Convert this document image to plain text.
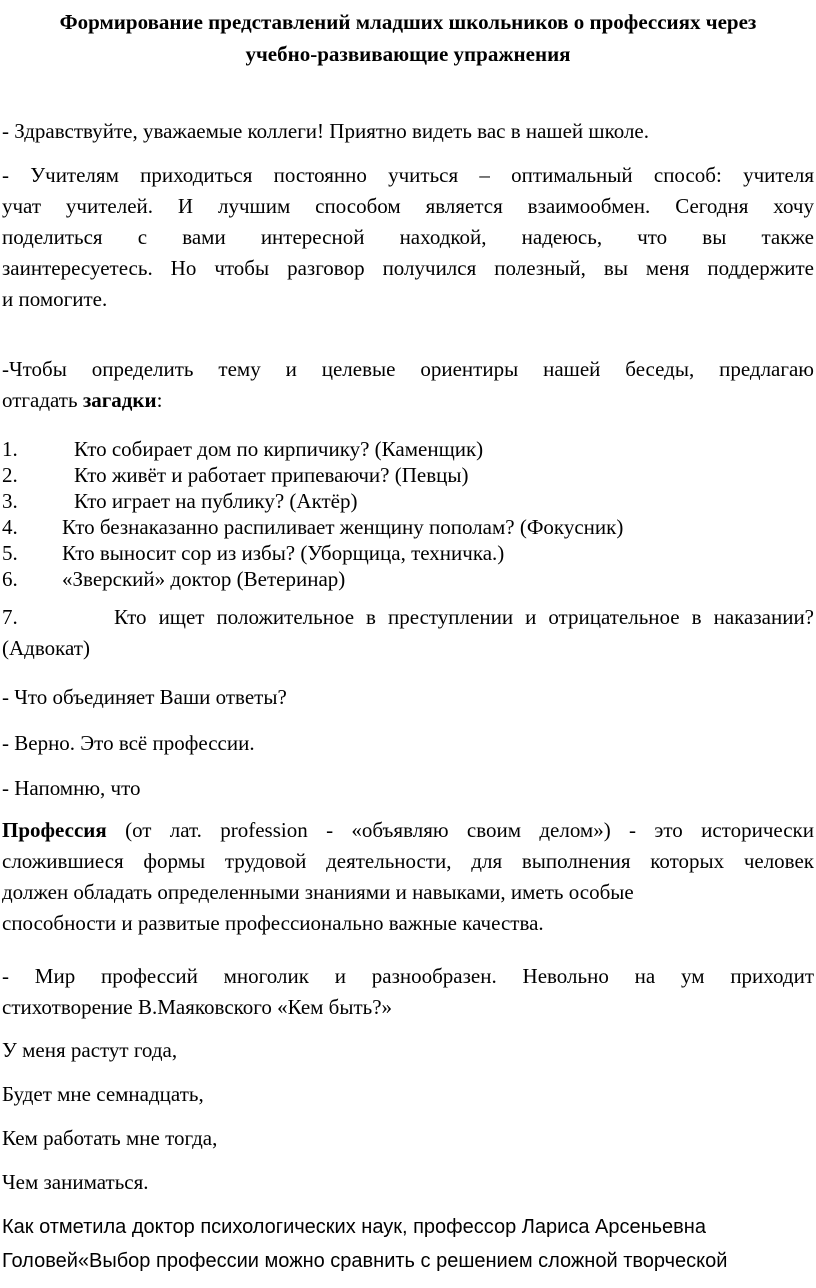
Формирование представлений младших школьников о профессиях через
учебно-развивающие упражнения
- Здравствуйте, уважаемые коллеги! Приятно видеть вас в нашей школе.
- Учителям приходиться постоянно учиться – оптимальный способ: учителя
учат учителей. И лучшим способом является взаимообмен. Сегодня хочу
поделиться с вами интересной находкой, надеюсь, что вы также
заинтересуетесь. Но чтобы разговор получился полезный, вы меня поддержите
и помогите.
-Чтобы определить тему и целевые ориентиры нашей беседы, предлагаю
отгадать загадки:
1.	Кто собирает дом по кирпичику? (Каменщик)
2.	Кто живёт и работает припеваючи? (Певцы)
3.	Кто играет на публику? (Актёр)
4. Кто безнаказанно распиливает женщину пополам? (Фокусник)
5. Кто выносит сор из избы? (Уборщица, техничка.)
6. «Зверский» доктор (Ветеринар)
7.	Кто ищет положительное в преступлении и отрицательное в наказании?
(Адвокат)
- Что объединяет Ваши ответы?
- Верно. Это всё профессии.
- Напомню, что
Профессия (от лат. profession - «объявляю своим делом») - это исторически
сложившиеся формы трудовой деятельности, для выполнения которых человек
должен обладать определенными знаниями и навыками, иметь особые
способности и развитые профессионально важные качества.
- Мир профессий многолик и разнообразен. Невольно на ум приходит
стихотворение В.Маяковского «Кем быть?»
У меня растут года,
Будет мне семнадцать,
Кем работать мне тогда,
Чем заниматься.
Как отметила доктор психологических наук, профессор Лариса Арсеньевна
Головей«Выбор профессии можно сравнить с решением сложной творческой
